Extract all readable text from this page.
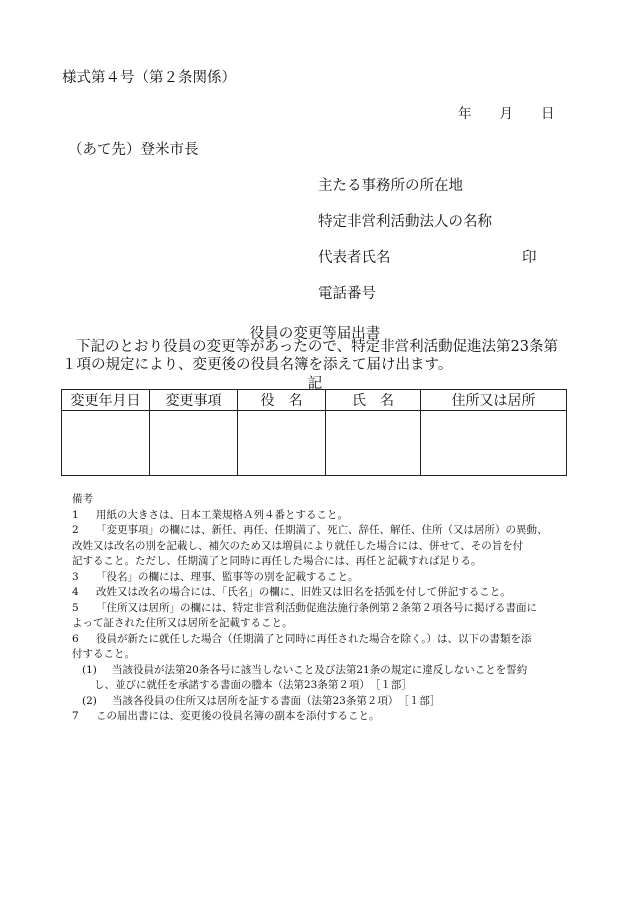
様式第４号（第２条関係）
年 月 日
（あて先）登米市長
主たる事務所の所在地
特定非営利活動法人の名称
代表者氏名	印
電話番号
役員の変更等届出書
下記のとおり役員の変更等があったので、特定非営利活動促進法第23条第１項の規定により、変更後の役員名簿を添えて届け出ます。
記
変更年月日	変更事項	役　名	氏　名	住所又は居所

備考
1 用紙の大きさは、日本工業規格Ａ列４番とすること。
2 「変更事項」の欄には、新任、再任、任期満了、死亡、辞任、解任、住所（又は居所）の異動、
改姓又は改名の別を記載し、補欠のため又は増員により就任した場合には、併せて、その旨を付
記すること。ただし、任期満了と同時に再任した場合には、再任と記載すれば足りる。
3 「役名」の欄には、理事、監事等の別を記載すること。
4 改姓又は改名の場合には、「氏名」の欄に、旧姓又は旧名を括弧を付して併記すること。
5 「住所又は居所」の欄には、特定非営利活動促進法施行条例第２条第２項各号に掲げる書面に
よって証された住所又は居所を記載すること。
6 役員が新たに就任した場合（任期満了と同時に再任された場合を除く。）は、以下の書類を添
付すること。
(1) 当該役員が法第20条各号に該当しないこと及び法第21条の規定に違反しないことを誓約
し、並びに就任を承諾する書面の謄本（法第23条第２項）　［１部］
(2) 当該各役員の住所又は居所を証する書面（法第23条第２項）　［１部］
7 この届出書には、変更後の役員名簿の副本を添付すること。
